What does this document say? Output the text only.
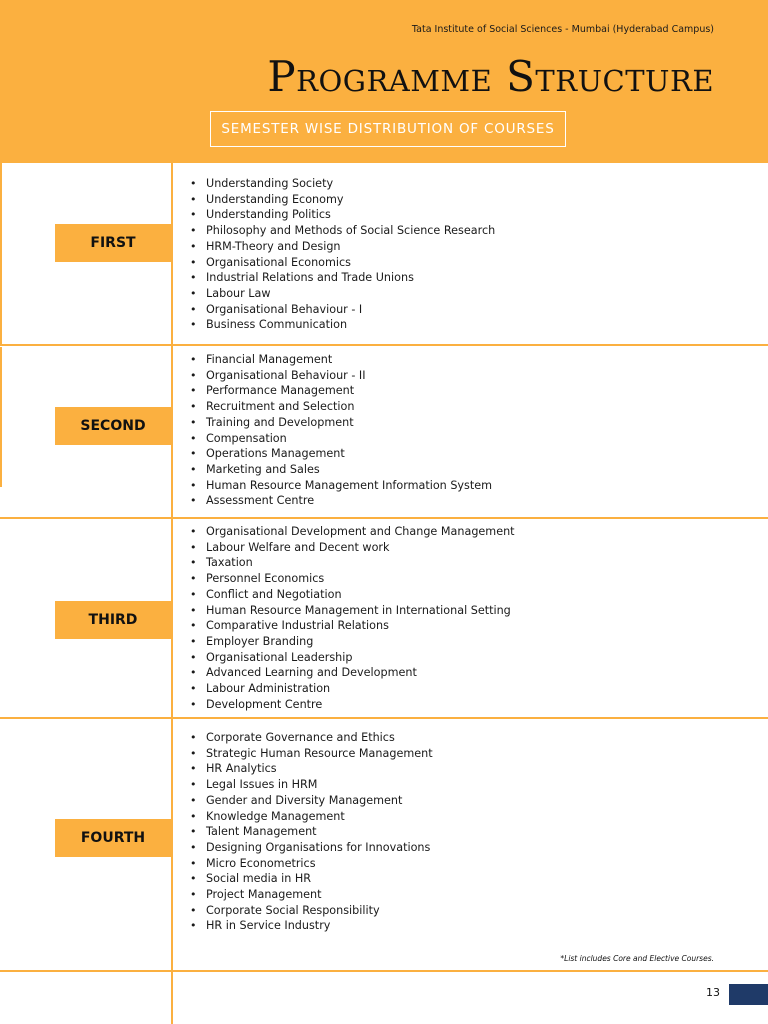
Tata Institute of Social Sciences - Mumbai (Hyderabad Campus)
Programme Structure
SEMESTER WISE DISTRIBUTION OF COURSES
FIRST
• Understanding Society
• Understanding Economy
• Understanding Politics
• Philosophy and Methods of Social Science Research
• HRM-Theory and Design
• Organisational Economics
• Industrial Relations and Trade Unions
• Labour Law
• Organisational Behaviour - I
• Business Communication
SECOND
• Financial Management
• Organisational Behaviour - II
• Performance Management
• Recruitment and Selection
• Training and Development
• Compensation
• Operations Management
• Marketing and Sales
• Human Resource Management Information System
• Assessment Centre
THIRD
• Organisational Development and Change Management
• Labour Welfare and Decent work
• Taxation
• Personnel Economics
• Conflict and Negotiation
• Human Resource Management in International Setting
• Comparative Industrial Relations
• Employer Branding
• Organisational Leadership
• Advanced Learning and Development
• Labour Administration
• Development Centre
FOURTH
• Corporate Governance and Ethics
• Strategic Human Resource Management
• HR Analytics
• Legal Issues in HRM
• Gender and Diversity Management
• Knowledge Management
• Talent Management
• Designing Organisations for Innovations
• Micro Econometrics
• Social media in HR
• Project Management
• Corporate Social Responsibility
• HR in Service Industry
*List includes Core and Elective Courses.
13
